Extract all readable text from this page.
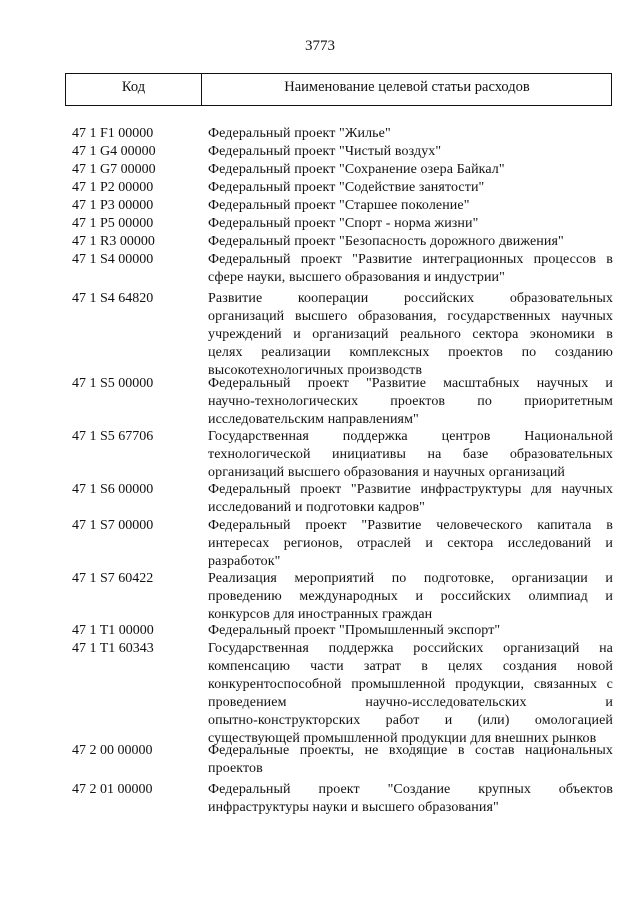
3773
Код	Наименование целевой статьи расходов
47 1 F1 00000	Федеральный проект "Жилье"
47 1 G4 00000	Федеральный проект "Чистый воздух"
47 1 G7 00000	Федеральный проект "Сохранение озера Байкал"
47 1 P2 00000	Федеральный проект "Содействие занятости"
47 1 P3 00000	Федеральный проект "Старшее поколение"
47 1 P5 00000	Федеральный проект "Спорт - норма жизни"
47 1 R3 00000	Федеральный проект "Безопасность дорожного движения"
47 1 S4 00000	Федеральный проект "Развитие интеграционных процессов в
сфере науки, высшего образования и индустрии"
47 1 S4 64820	Развитие кооперации российских образовательных
организаций высшего образования, государственных научных
учреждений и организаций реального сектора экономики в
целях реализации комплексных проектов по созданию
высокотехнологичных производств
47 1 S5 00000	Федеральный проект "Развитие масштабных научных и
научно-технологических проектов по приоритетным
исследовательским направлениям"
47 1 S5 67706	Государственная поддержка центров Национальной
технологической инициативы на базе образовательных
организаций высшего образования и научных организаций
47 1 S6 00000	Федеральный проект "Развитие инфраструктуры для научных
исследований и подготовки кадров"
47 1 S7 00000	Федеральный проект "Развитие человеческого капитала в
интересах регионов, отраслей и сектора исследований и
разработок"
47 1 S7 60422	Реализация мероприятий по подготовке, организации и
проведению международных и российских олимпиад и
конкурсов для иностранных граждан
47 1 T1 00000	Федеральный проект "Промышленный экспорт"
47 1 T1 60343	Государственная поддержка российских организаций на
компенсацию части затрат в целях создания новой
конкурентоспособной промышленной продукции, связанных с
проведением научно-исследовательских и
опытно-конструкторских работ и (или) омологацией
существующей промышленной продукции для внешних рынков
47 2 00 00000	Федеральные проекты, не входящие в состав национальных
проектов
47 2 01 00000	Федеральный проект "Создание крупных объектов
инфраструктуры науки и высшего образования"
